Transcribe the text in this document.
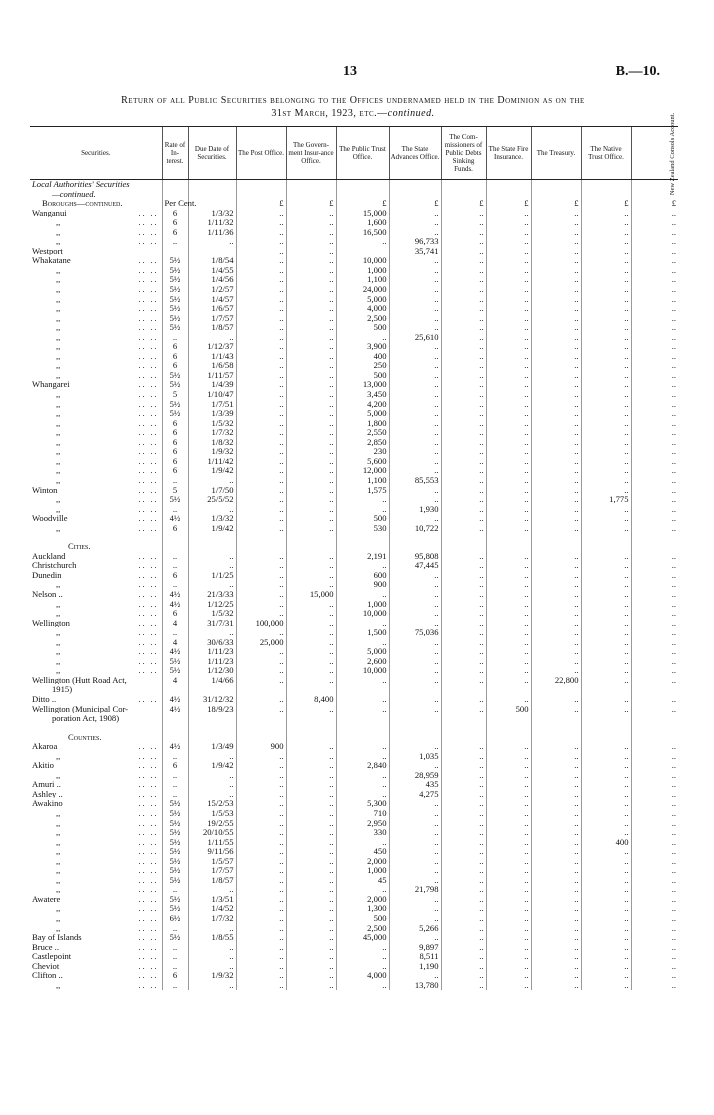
13	B.—10.
Return of all Public Securities belonging to the Offices undernamed held in the Dominion as on the
31st March, 1923, etc.—continued.
Securities.	Rate of In-terest.	Due Date of Securities.	The Post Office.	The Govern-ment Insur-ance Office.	The Public Trust Office.	The State Advances Office.	The Com-missioners of Public Debts Sinking Funds.	The State Fire Insurance.	The Treasury.	The Native Trust Office.	New Zealand Consols Account.
Local Authorities' Securities											
—continued.											
Boroughs—continued.	Per Cent.		£	£	£	£	£	£	£	£	£
Wanganui .. ..	6	1/3/32	..	..	15,000	..	..	..	..	..	..
,, .. ..	6	1/11/32	..	..	1,600	..	..	..	..	..	..
,, .. ..	6	1/11/36	..	..	16,500	..	..	..	..	..	..
,, .. ..	..	..	..	..	..	96,733	..	..	..	..	..
Westport			..	..		35,741	..	..	..	..	..
Whakatane .. ..	5½	1/8/54	..	..	10,000	..	..	..	..	..	..
,, .. ..	5½	1/4/55	..	..	1,000	..	..	..	..	..	..
,, .. ..	5½	1/4/56	..	..	1,100	..	..	..	..	..	..
,, .. ..	5½	1/2/57	..	..	24,000	..	..	..	..	..	..
,, .. ..	5½	1/4/57	..	..	5,000	..	..	..	..	..	..
,, .. ..	5½	1/6/57	..	..	4,000	..	..	..	..	..	..
,, .. ..	5½	1/7/57	..	..	2,500	..	..	..	..	..	..
,, .. ..	5½	1/8/57	..	..	500	..	..	..	..	..	..
,, .. ..	..	..	..	..	..	25,610	..	..	..	..	..
,, .. ..	6	1/12/37	..	..	3,900	..	..	..	..	..	..
,, .. ..	6	1/1/43	..	..	400	..	..	..	..	..	..
,, .. ..	6	1/6/58	..	..	250	..	..	..	..	..	..
,, .. ..	5½	1/11/57	..	..	500	..	..	..	..	..	..
Whangarei .. ..	5½	1/4/39	..	..	13,000	..	..	..	..	..	..
,, .. ..	5	1/10/47	..	..	3,450	..	..	..	..	..	..
,, .. ..	5½	1/7/51	..	..	4,200	..	..	..	..	..	..
,, .. ..	5½	1/3/39	..	..	5,000	..	..	..	..	..	..
,, .. ..	6	1/5/32	..	..	1,800	..	..	..	..	..	..
,, .. ..	6	1/7/32	..	..	2,550	..	..	..	..	..	..
,, .. ..	6	1/8/32	..	..	2,850	..	..	..	..	..	..
,, .. ..	6	1/9/32	..	..	230	..	..	..	..	..	..
,, .. ..	6	1/11/42	..	..	5,600	..	..	..	..	..	..
,, .. ..	6	1/9/42	..	..	12,000	..	..	..	..	..	..
,, .. ..	..	..	..	..	1,100	85,553	..	..	..	..	..
Winton .. ..	5	1/7/50	..	..	1,575	..	..	..	..	..	..
,, .. ..	5½	25/5/52	..	..	..	..	..	..	..	1,775	..
,, .. ..	..	..	..	..	..	1,930	..	..	..	..	..
Woodville .. ..	4½	1/3/32	..	..	500	..	..	..	..	..	..
,, .. ..	6	1/9/42	..	..	530	10,722	..	..	..	..	..

Cities.											
Auckland .. ..	..	..	..	..	2,191	95,808	..	..	..	..	..
Christchurch .. ..	..	..	..	..	..	47,445	..	..	..	..	..
Dunedin .. ..	6	1/1/25	..	..	600	..	..	..	..	..	..
,, .. ..	..	..	..	..	900	..	..	..	..	..	..
Nelson .. .. ..	4½	21/3/33	..	15,000	..	..	..	..	..	..	..
,, .. ..	4½	1/12/25	..	..	1,000	..	..	..	..	..	..
,, .. ..	6	1/5/32	..	..	10,000	..	..	..	..	..	..
Wellington .. ..	4	31/7/31	100,000	..	..	..	..	..	..	..	..
,, .. ..	..	..	..	..	1,500	75,036	..	..	..	..	..
,, .. ..	4	30/6/33	25,000	..	..	..	..	..	..	..	..
,, .. ..	4½	1/11/23	..	..	5,000	..	..	..	..	..	..
,, .. ..	5½	1/11/23	..	..	2,600	..	..	..	..	..	..
,, .. ..	5½	1/12/30	..	..	10,000	..	..	..	..	..	..
Wellington (Hutt Road Act,	4	1/4/66	..	..	..	..	..	..	22,800	..	..
1915)											
Ditto .. .. ..	4½	31/12/32	..	8,400	..	..	..	..	..	..	..
Wellington (Municipal Cor-	4½	18/9/23	..	..	..	..	..	500	..	..	..
poration Act, 1908)											

Counties.											
Akaroa .. ..	4½	1/3/49	900	..	..	..	..	..	..	..	..
,, .. ..	..	..	..	..	..	1,035	..	..	..	..	..
Akitio .. ..	6	1/9/42	..	..	2,840	..	..	..	..	..	..
,, .. ..	..	..	..	..	..	28,959	..	..	..	..	..
Amuri .. .. ..	..	..	..	..	..	435	..	..	..	..	..
Ashley .. .. ..	..	..	..	..	..	4,275	..	..	..	..	..
Awakino .. ..	5½	15/2/53	..	..	5,300	..	..	..	..	..	..
,, .. ..	5½	1/5/53	..	..	710	..	..	..	..	..	..
,, .. ..	5½	19/2/55	..	..	2,950	..	..	..	..	..	..
,, .. ..	5½	20/10/55	..	..	330	..	..	..	..	..	..
,, .. ..	5½	1/11/55	..	..	..	..	..	..	..	400	..
,, .. ..	5½	9/11/56	..	..	450	..	..	..	..	..	..
,, .. ..	5½	1/5/57	..	..	2,000	..	..	..	..	..	..
,, .. ..	5½	1/7/57	..	..	1,000	..	..	..	..	..	..
,, .. ..	5½	1/8/57	..	..	45	..	..	..	..	..	..
,, .. ..	..	..	..	..	..	21,798	..	..	..	..	..
Awatere .. ..	5½	1/3/51	..	..	2,000	..	..	..	..	..	..
,, .. ..	5½	1/4/52	..	..	1,300	..	..	..	..	..	..
,, .. ..	6½	1/7/32	..	..	500	..	..	..	..	..	..
,, .. ..	..	..	..	..	2,500	5,266	..	..	..	..	..
Bay of Islands .. ..	5½	1/8/55	..	..	45,000	..	..	..	..	..	..
Bruce .. .. ..	..	..	..	..	..	9,897	..	..	..	..	..
Castlepoint .. ..	..	..	..	..	..	8,511	..	..	..	..	..
Cheviot .. ..	..	..	..	..	..	1,190	..	..	..	..	..
Clifton .. .. ..	6	1/9/32	..	..	4,000	..	..	..	..	..	..
,, .. ..	..	..	..	..	..	13,780	..	..	..	..	..
